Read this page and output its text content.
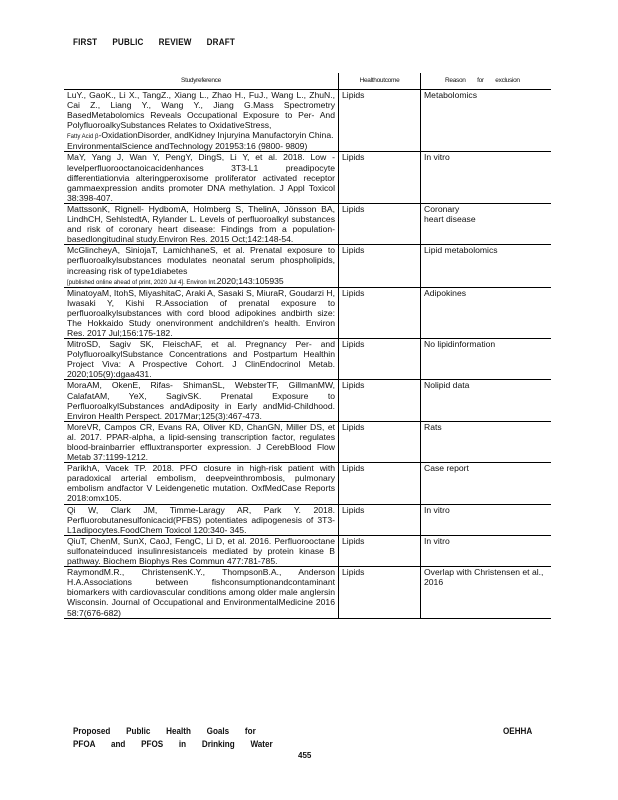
FIRST PUBLIC REVIEW DRAFT
Studyreference	Healthoutcome	Reason for exclusion

LuY., GaoK., Li X., TangZ., Xiang L., Zhao H., FuJ., Wang L., ZhuN., Cai Z., Liang Y., Wang Y., Jiang G.Mass Spectrometry BasedMetabolomics Reveals Occupational Exposure to Per- And PolyfluoroalkySubstances Relates to OxidativeStress,
Fatty Acid β-OxidationDisorder, andKidney Injuryina Manufactoryin China. EnvironmentalScience andTechnology 201953:16 (9800- 9809)	Lipids	Metabolomics

MaY, Yang J, Wan Y, PengY, DingS, Li Y, et al. 2018. Low -levelperfluorooctanoicacidenhances 3T3-L1 preadipocyte differentiationvia alteringperoxisome proliferator activated receptor gammaexpression andits promoter DNA methylation. J Appl Toxicol 38:398-407.	Lipids	In vitro

MattssonK, Rignell- HydbomA, Holmberg S, ThelinA, Jönsson BA, LindhCH, SehlstedtA, Rylander L. Levels of perfluoroalkyl substances and risk of coronary heart disease: Findings from a population-basedlongitudinal study.Environ Res. 2015 Oct;142:148-54.	Lipids	Coronary
heart disease

McGlincheyA, SiniojaT, LamichhaneS, et al. Prenatal exposure to perfluoroalkylsubstances modulates neonatal serum phospholipids, increasing risk of type1diabetes
[published online ahead of print, 2020 Jul 4]. Environ Int.2020;143:105935	Lipids	Lipid metabolomics

MinatoyaM, ItohS, MiyashitaC, Araki A, Sasaki S, MiuraR, Goudarzi H, Iwasaki Y, Kishi R.Association of prenatal exposure to perfluoroalkylsubstances with cord blood adipokines andbirth size: The Hokkaido Study onenvironment andchildren's health. Environ Res. 2017 Jul;156:175-182.	Lipids	Adipokines

MitroSD, Sagiv SK, FleischAF, et al. Pregnancy Per- and PolyfluoroalkylSubstance Concentrations and Postpartum Healthin Project Viva: A Prospective Cohort. J ClinEndocrinol Metab. 2020;105(9):dgaa431.	Lipids	No lipidinformation

MoraAM, OkenE, Rifas- ShimanSL, WebsterTF, GillmanMW, CalafatAM, YeX, SagivSK. Prenatal Exposure to PerfluoroalkylSubstances andAdiposity in Early andMid-Childhood. Environ Health Perspect. 2017Mar;125(3):467-473.	Lipids	Nolipid data

MoreVR, Campos CR, Evans RA, Oliver KD, ChanGN, Miller DS, et al. 2017. PPAR-alpha, a lipid-sensing transcription factor, regulates blood-brainbarrier effluxtransporter expression. J CerebBlood Flow Metab 37:1199-1212.	Lipids	Rats

ParikhA, Vacek TP. 2018. PFO closure in high-risk patient with paradoxical arterial embolism, deepveinthrombosis, pulmonary embolism andfactor V Leidengenetic mutation. OxfMedCase Reports 2018:omx105.	Lipids	Case report

Qi W, Clark JM, Timme-Laragy AR, Park Y. 2018. Perfluorobutanesulfonicacid(PFBS) potentiates adipogenesis of 3T3-L1adipocytes.FoodChem Toxicol 120:340- 345.	Lipids	In vitro

QiuT, ChenM, SunX, CaoJ, FengC, Li D, et al. 2016. Perfluorooctane sulfonateinduced insulinresistanceis mediated by protein kinase B pathway. Biochem Biophys Res Commun 477:781-785.	Lipids	In vitro

RaymondM.R., ChristensenK.Y., ThompsonB.A., Anderson H.A.Associations between fishconsumptionandcontaminant biomarkers with cardiovascular conditions among older male anglersin Wisconsin. Journal of Occupational and EnvironmentalMedicine 2016 58:7(676-682)	Lipids	Overlap with Christensen et al., 2016
Proposed Public Health Goals for
PFOA and PFOS in Drinking Water
OEHHA
455
